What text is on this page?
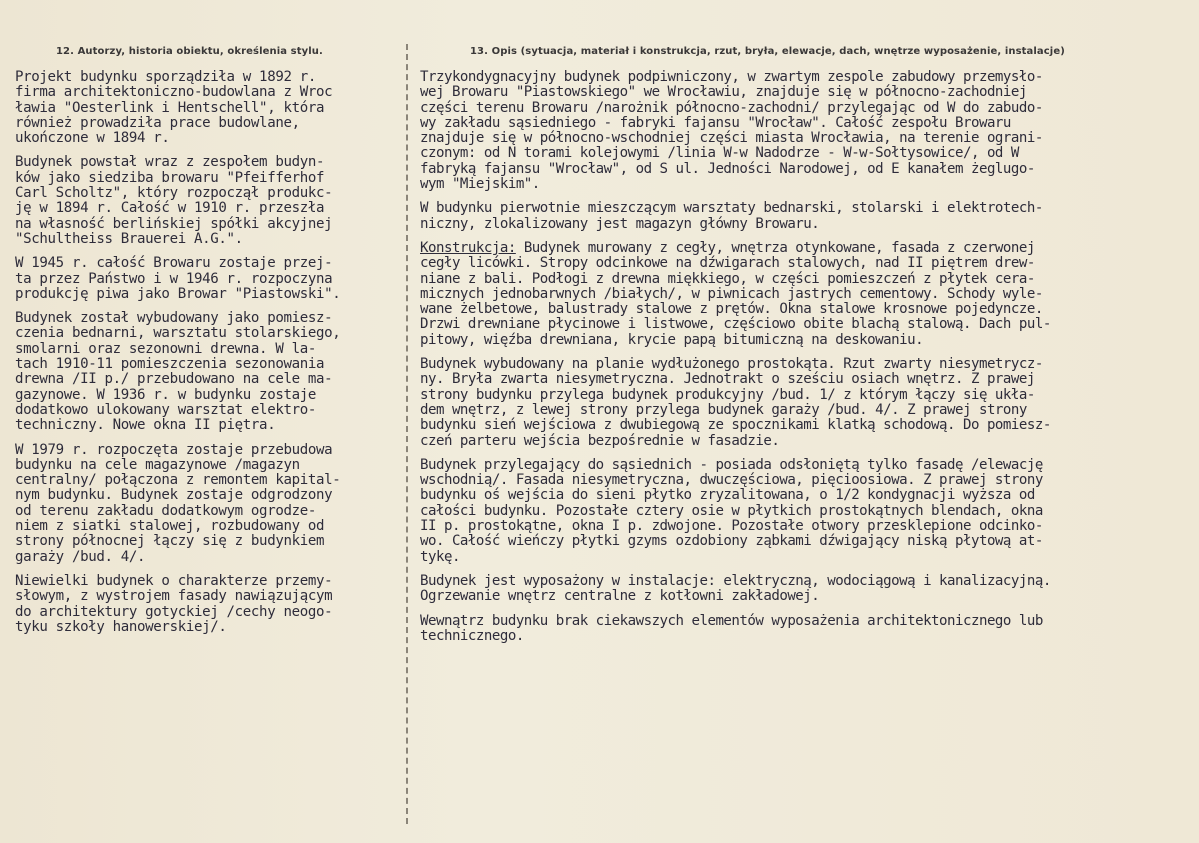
12. Autorzy, historia obiektu, określenia stylu.	13. Opis (sytuacja, materiał i konstrukcja, rzut, bryła, elewacje, dach, wnętrze wyposażenie, instalacje)
Projekt budynku sporządziła w 1892 r.
firma architektoniczno-budowlana z Wroc
ławia "Oesterlink i Hentschell", która
również prowadziła prace budowlane,
ukończone w 1894 r.
Budynek powstał wraz z zespołem budyn-
ków jako siedziba browaru "Pfeifferhof
Carl Scholtz", który rozpoczął produkc-
ję w 1894 r. Całość w 1910 r. przeszła
na własność berlińskiej spółki akcyjnej
"Schultheiss Brauerei A.G.".
W 1945 r. całość Browaru zostaje przej-
ta przez Państwo i w 1946 r. rozpoczyna
produkcję piwa jako Browar "Piastowski".
Budynek został wybudowany jako pomiesz-
czenia bednarni, warsztatu stolarskiego,
smolarni oraz sezonowni drewna. W la-
tach 1910-11 pomieszczenia sezonowania
drewna /II p./ przebudowano na cele ma-
gazynowe. W 1936 r. w budynku zostaje
dodatkowo ulokowany warsztat elektro-
techniczny. Nowe okna II piętra.
W 1979 r. rozpoczęta zostaje przebudowa
budynku na cele magazynowe /magazyn
centralny/ połączona z remontem kapital-
nym budynku. Budynek zostaje odgrodzony
od terenu zakładu dodatkowym ogrodze-
niem z siatki stalowej, rozbudowany od
strony północnej łączy się z budynkiem
garaży /bud. 4/.
Niewielki budynek o charakterze przemy-
słowym, z wystrojem fasady nawiązującym
do architektury gotyckiej /cechy neogo-
tyku szkoły hanowerskiej/.
Trzykondygnacyjny budynek podpiwniczony, w zwartym zespole zabudowy przemysło-
wej Browaru "Piastowskiego" we Wrocławiu, znajduje się w północno-zachodniej
części terenu Browaru /narożnik północno-zachodni/ przylegając od W do zabudo-
wy zakładu sąsiedniego - fabryki fajansu "Wrocław". Całość zespołu Browaru
znajduje się w północno-wschodniej części miasta Wrocławia, na terenie ograni-
czonym: od N torami kolejowymi /linia W-w Nadodrze - W-w-Sołtysowice/, od W
fabryką fajansu "Wrocław", od S ul. Jedności Narodowej, od E kanałem żeglugo-
wym "Miejskim".
W budynku pierwotnie mieszczącym warsztaty bednarski, stolarski i elektrotech-
niczny, zlokalizowany jest magazyn główny Browaru.
Konstrukcja: Budynek murowany z cegły, wnętrza otynkowane, fasada z czerwonej
cegły licówki. Stropy odcinkowe na dźwigarach stalowych, nad II piętrem drew-
niane z bali. Podłogi z drewna miękkiego, w części pomieszczeń z płytek cera-
micznych jednobarwnych /białych/, w piwnicach jastrych cementowy. Schody wyle-
wane żelbetowe, balustrady stalowe z prętów. Okna stalowe krosnowe pojedyncze.
Drzwi drewniane płycinowe i listwowe, częściowo obite blachą stalową. Dach pul-
pitowy, więźba drewniana, krycie papą bitumiczną na deskowaniu.
Budynek wybudowany na planie wydłużonego prostokąta. Rzut zwarty niesymetrycz-
ny. Bryła zwarta niesymetryczna. Jednotrakt o sześciu osiach wnętrz. Z prawej
strony budynku przylega budynek produkcyjny /bud. 1/ z którym łączy się ukła-
dem wnętrz, z lewej strony przylega budynek garaży /bud. 4/. Z prawej strony
budynku sień wejściowa z dwubiegową ze spocznikami klatką schodową. Do pomiesz-
czeń parteru wejścia bezpośrednie w fasadzie.
Budynek przylegający do sąsiednich - posiada odsłoniętą tylko fasadę /elewację
wschodnią/. Fasada niesymetryczna, dwuczęściowa, pięcioosiowa. Z prawej strony
budynku oś wejścia do sieni płytko zryzalitowana, o 1/2 kondygnacji wyższa od
całości budynku. Pozostałe cztery osie w płytkich prostokątnych blendach, okna
II p. prostokątne, okna I p. zdwojone. Pozostałe otwory przesklepione odcinko-
wo. Całość wieńczy płytki gzyms ozdobiony ząbkami dźwigający niską płytową at-
tykę.
Budynek jest wyposażony w instalacje: elektryczną, wodociągową i kanalizacyjną.
Ogrzewanie wnętrz centralne z kotłowni zakładowej.
Wewnątrz budynku brak ciekawszych elementów wyposażenia architektonicznego lub
technicznego.
